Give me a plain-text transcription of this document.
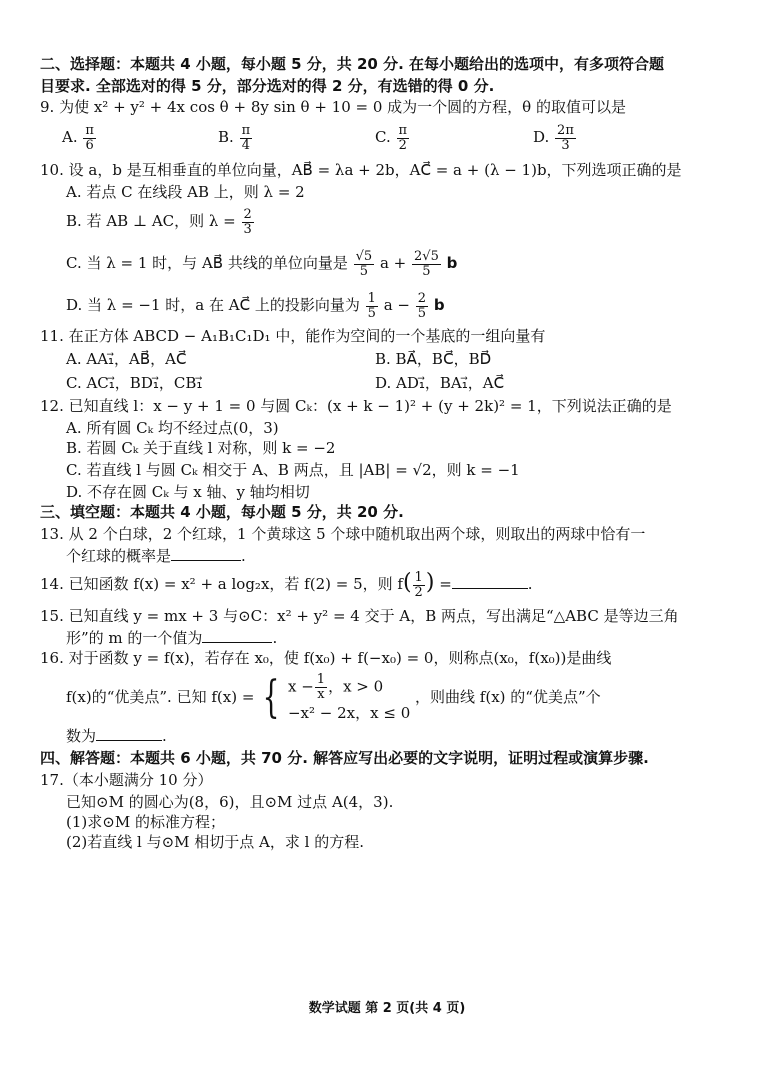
二、选择题：本题共 4 小题，每小题 5 分，共 20 分. 在每小题给出的选项中，有多项符合题
目要求. 全部选对的得 5 分，部分选对的得 2 分，有选错的得 0 分.
9. 为使 x² + y² + 4x cos θ + 8y sin θ + 10 = 0 成为一个圆的方程，θ 的取值可以是
A. $\frac{\pi}{6}$	B. $\frac{\pi}{4}$	C. $\frac{\pi}{2}$	D. $\frac{2\pi}{3}$
10. 设 a，b 是互相垂直的单位向量，AB⃗ = λa + 2b，AC⃗ = a + (λ − 1)b，下列选项正确的是
A. 若点 C 在线段 AB 上，则 λ = 2
B. 若 AB ⊥ AC，则 $\lambda = \frac{2}{3}$
C. 当 λ = 1 时，与 AB⃗ 共线的单位向量是 $\frac{√5}{5}$ $a + \frac{2√5}{5}$ b
D. 当 λ = −1 时，a 在 AC⃗ 上的投影向量为 $\frac{1}{5}$ $a - \frac{2}{5}$ b
11. 在正方体 ABCD − A₁B₁C₁D₁ 中，能作为空间的一个基底的一组向量有
A. AA₁⃗，AB⃗，AC⃗	B. BA⃗，BC⃗，BD⃗
C. AC₁⃗，BD₁⃗，CB₁⃗	D. AD₁⃗，BA₁⃗，AC⃗
12. 已知直线 l：x − y + 1 = 0 与圆 Cₖ：(x + k − 1)² + (y + 2k)² = 1，下列说法正确的是
A. 所有圆 Cₖ 均不经过点(0，3)
B. 若圆 Cₖ 关于直线 l 对称，则 k = −2
C. 若直线 l 与圆 Cₖ 相交于 A、B 两点，且 |AB| = √2，则 k = −1
D. 不存在圆 Cₖ 与 x 轴、y 轴均相切
三、填空题：本题共 4 小题，每小题 5 分，共 20 分.
13. 从 2 个白球，2 个红球，1 个黄球这 5 个球中随机取出两个球，则取出的两球中恰有一
个红球的概率是	.
14. 已知函数 f(x) = x² + a log₂x，若 f(2) = 5，则 $f( \frac{1}{2}$ ) =	.
15. 已知直线 y = mx + 3 与⊙C：x² + y² = 4 交于 A，B 两点，写出满足“△ABC 是等边三角
形”的 m 的一个值为	.
16. 对于函数 y = f(x)，若存在 x₀，使 f(x₀) + f(−x₀) = 0，则称点(x₀，f(x₀))是曲线
f(x)的“优美点”. 已知 f(x) = { $x - \frac{1}{x}$ ，x > 0
−x² − 2x，x ≤ 0
，则曲线 f(x) 的“优美点”个
数为	.
四、解答题：本题共 6 小题，共 70 分. 解答应写出必要的文字说明，证明过程或演算步骤.
17.（本小题满分 10 分）
已知⊙M 的圆心为(8，6)，且⊙M 过点 A(4，3).
(1)求⊙M 的标准方程；
(2)若直线 l 与⊙M 相切于点 A，求 l 的方程.
数学试题 第 2 页(共 4 页)
